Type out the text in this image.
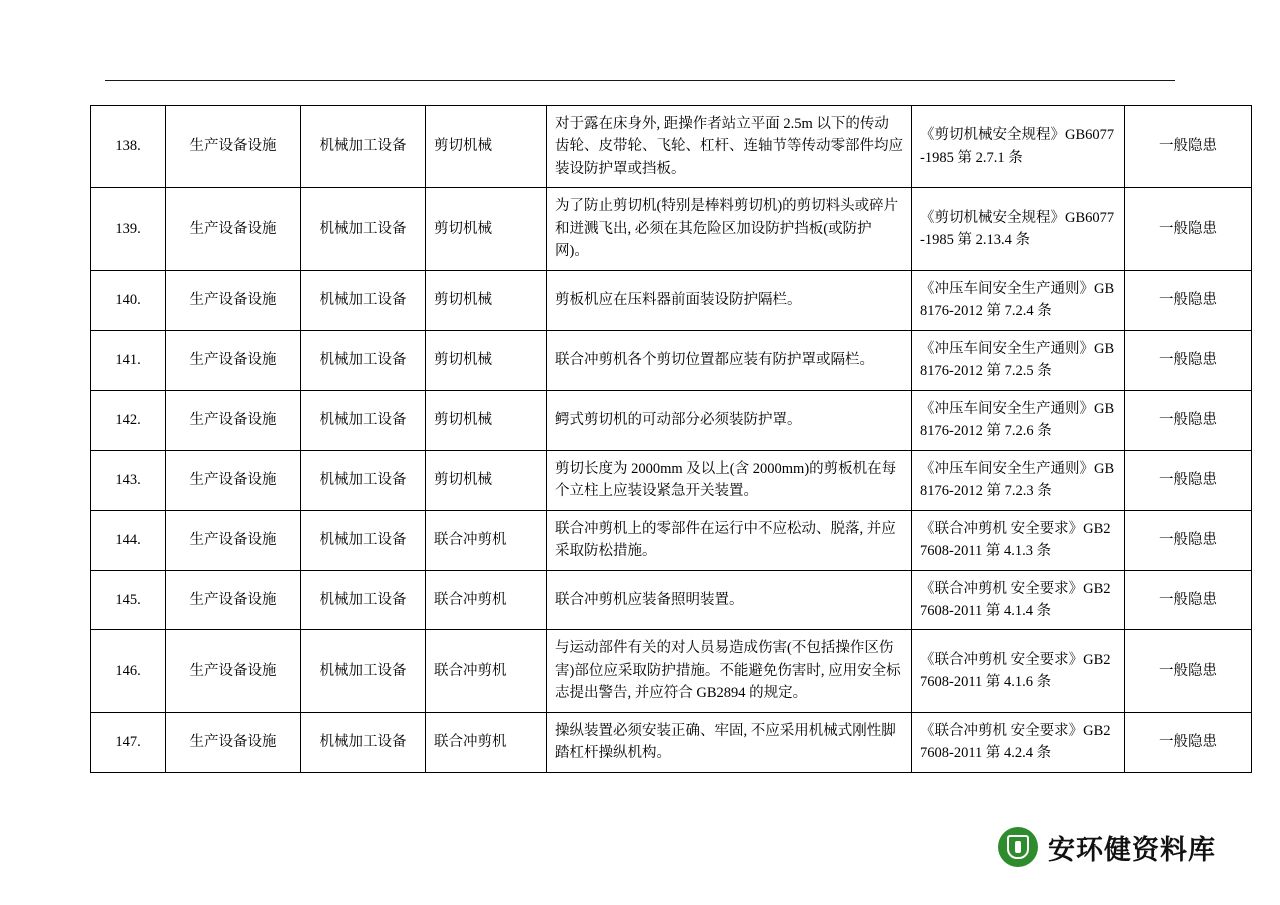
138.	生产设备设施	机械加工设备	剪切机械	对于露在床身外, 距操作者站立平面 2.5m 以下的传动齿轮、皮带轮、飞轮、杠杆、连轴节等传动零部件均应装设防护罩或挡板。	《剪切机械安全规程》GB6077-1985 第 2.7.1 条	一般隐患
139.	生产设备设施	机械加工设备	剪切机械	为了防止剪切机(特别是棒料剪切机)的剪切料头或碎片和迸溅飞出, 必须在其危险区加设防护挡板(或防护网)。	《剪切机械安全规程》GB6077-1985 第 2.13.4 条	一般隐患
140.	生产设备设施	机械加工设备	剪切机械	剪板机应在压料器前面装设防护隔栏。	《冲压车间安全生产通则》GB8176-2012 第 7.2.4 条	一般隐患
141.	生产设备设施	机械加工设备	剪切机械	联合冲剪机各个剪切位置都应装有防护罩或隔栏。	《冲压车间安全生产通则》GB8176-2012 第 7.2.5 条	一般隐患
142.	生产设备设施	机械加工设备	剪切机械	鳄式剪切机的可动部分必须装防护罩。	《冲压车间安全生产通则》GB8176-2012 第 7.2.6 条	一般隐患
143.	生产设备设施	机械加工设备	剪切机械	剪切长度为 2000mm 及以上(含 2000mm)的剪板机在每个立柱上应装设紧急开关装置。	《冲压车间安全生产通则》GB8176-2012 第 7.2.3 条	一般隐患
144.	生产设备设施	机械加工设备	联合冲剪机	联合冲剪机上的零部件在运行中不应松动、脱落, 并应采取防松措施。	《联合冲剪机 安全要求》GB27608-2011 第 4.1.3 条	一般隐患
145.	生产设备设施	机械加工设备	联合冲剪机	联合冲剪机应装备照明装置。	《联合冲剪机 安全要求》GB27608-2011 第 4.1.4 条	一般隐患
146.	生产设备设施	机械加工设备	联合冲剪机	与运动部件有关的对人员易造成伤害(不包括操作区伤害)部位应采取防护措施。不能避免伤害时, 应用安全标志提出警告, 并应符合 GB2894 的规定。	《联合冲剪机 安全要求》GB27608-2011 第 4.1.6 条	一般隐患
147.	生产设备设施	机械加工设备	联合冲剪机	操纵装置必须安装正确、牢固, 不应采用机械式刚性脚踏杠杆操纵机构。	《联合冲剪机 安全要求》GB27608-2011 第 4.2.4 条	一般隐患
安环健资料库
